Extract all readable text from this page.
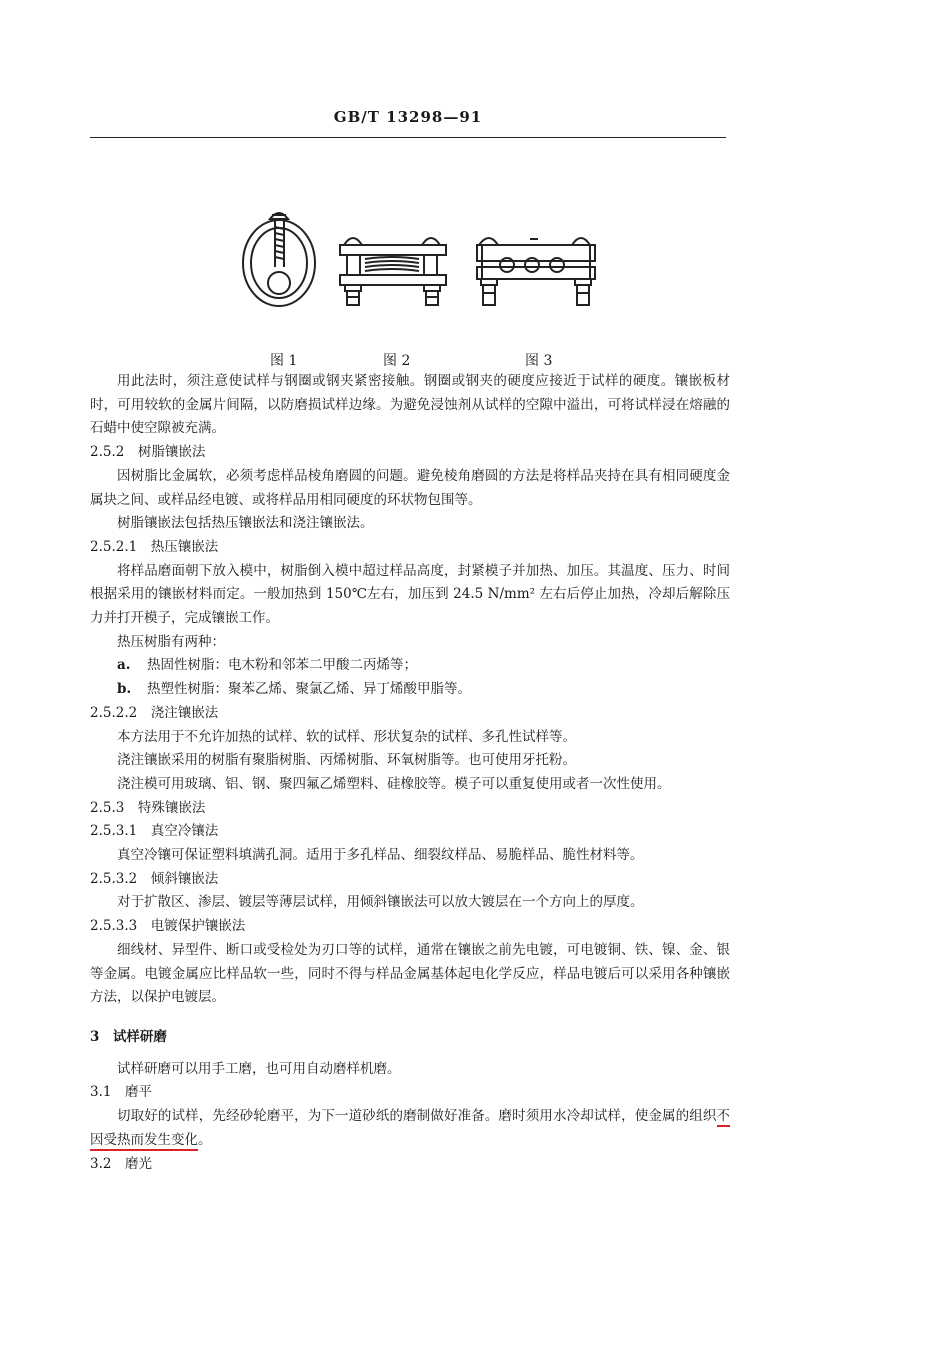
GB/T 13298—91
图 1	图 2	图 3

用此法时，须注意使试样与钢圈或钢夹紧密接触。钢圈或钢夹的硬度应接近于试样的硬度。镶嵌板材时，可用较软的金属片间隔，以防磨损试样边缘。为避免浸蚀剂从试样的空隙中溢出，可将试样浸在熔融的石蜡中使空隙被充满。

2.5.2　树脂镶嵌法

因树脂比金属软，必须考虑样品棱角磨圆的问题。避免棱角磨圆的方法是将样品夹持在具有相同硬度金属块之间、或样品经电镀、或将样品用相同硬度的环状物包围等。

树脂镶嵌法包括热压镶嵌法和浇注镶嵌法。

2.5.2.1　热压镶嵌法

将样品磨面朝下放入模中，树脂倒入模中超过样品高度，封紧模子并加热、加压。其温度、压力、时间根据采用的镶嵌材料而定。一般加热到 150℃左右，加压到 24.5 N/mm² 左右后停止加热，冷却后解除压力并打开模子，完成镶嵌工作。

热压树脂有两种：

a. 热固性树脂：电木粉和邻苯二甲酸二丙烯等；

b. 热塑性树脂：聚苯乙烯、聚氯乙烯、异丁烯酸甲脂等。

2.5.2.2　浇注镶嵌法

本方法用于不允许加热的试样、软的试样、形状复杂的试样、多孔性试样等。

浇注镶嵌采用的树脂有聚脂树脂、丙烯树脂、环氧树脂等。也可使用牙托粉。

浇注模可用玻璃、铝、钢、聚四氟乙烯塑料、硅橡胶等。模子可以重复使用或者一次性使用。

2.5.3　特殊镶嵌法

2.5.3.1　真空冷镶法

真空冷镶可保证塑料填满孔洞。适用于多孔样品、细裂纹样品、易脆样品、脆性材料等。

2.5.3.2　倾斜镶嵌法

对于扩散区、渗层、镀层等薄层试样，用倾斜镶嵌法可以放大镀层在一个方向上的厚度。

2.5.3.3　电镀保护镶嵌法

细线材、异型件、断口或受检处为刃口等的试样，通常在镶嵌之前先电镀，可电镀铜、铁、镍、金、银等金属。电镀金属应比样品软一些，同时不得与样品金属基体起电化学反应，样品电镀后可以采用各种镶嵌方法，以保护电镀层。

3　试样研磨

试样研磨可以用手工磨，也可用自动磨样机磨。

3.1　磨平

切取好的试样，先经砂轮磨平，为下一道砂纸的磨制做好准备。磨时须用水冷却试样，使金属的组织不因受热而发生变化。

3.2　磨光
